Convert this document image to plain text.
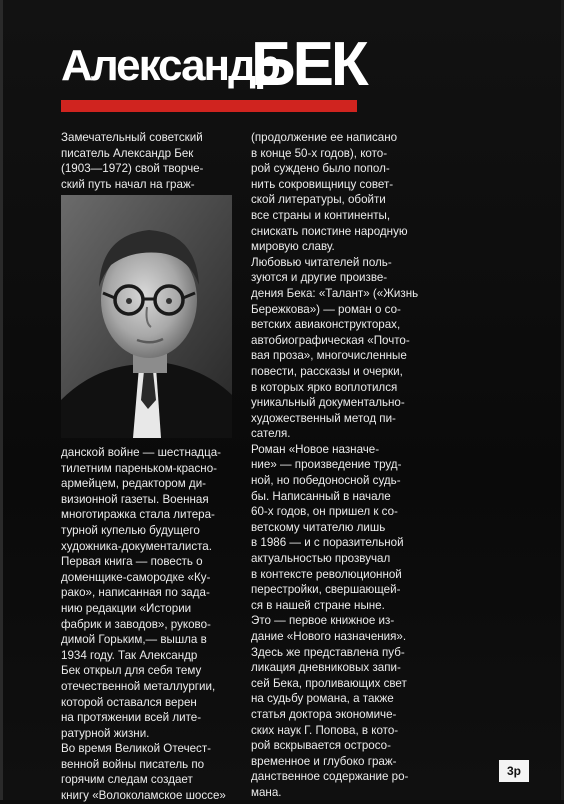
Александр
БЕК

Замечательный советский

писатель Александр Бек

(1903—1972) свой творче-

ский путь начал на граж-

данской войне — шестнадца-

тилетним пареньком-красно-

армейцем, редактором ди-

визионной газеты. Военная

многотиражка стала литера-

турной купелью будущего

художника-документалиста.

Первая книга — повесть о

доменщике-самородке «Ку-

рако», написанная по зада-

нию редакции «Истории

фабрик и заводов», руково-

димой Горьким,— вышла в

1934 году. Так Александр

Бек открыл для себя тему

отечественной металлургии,

которой оставался верен

на протяжении всей лите-

ратурной жизни.

Во время Великой Отечест-

венной войны писатель по

горячим следам создает

книгу «Волоколамское шоссе»

(продолжение ее написано

в конце 50-х годов), кото-

рой суждено было попол-

нить сокровищницу совет-

ской литературы, обойти

все страны и континенты,

снискать поистине народную

мировую славу.

Любовью читателей поль-

зуются и другие произве-

дения Бека: «Талант» («Жизнь

Бережкова») — роман о со-

ветских авиаконструкторах,

автобиографическая «Почто-

вая проза», многочисленные

повести, рассказы и очерки,

в которых ярко воплотился

уникальный документально-

художественный метод пи-

сателя.

Роман «Новое назначе-

ние» — произведение труд-

ной, но победоносной судь-

бы. Написанный в начале

60-х годов, он пришел к со-

ветскому читателю лишь

в 1986 — и с поразительной

актуальностью прозвучал

в контексте революционной

перестройки, свершающей-

ся в нашей стране ныне.

Это — первое книжное из-

дание «Нового назначения».

Здесь же представлена пуб-

ликация дневниковых запи-

сей Бека, проливающих свет

на судьбу романа, а также

статья доктора экономиче-

ских наук Г. Попова, в кото-

рой вскрывается остросо-

временное и глубоко граж-

данственное содержание ро-

мана.

3р
